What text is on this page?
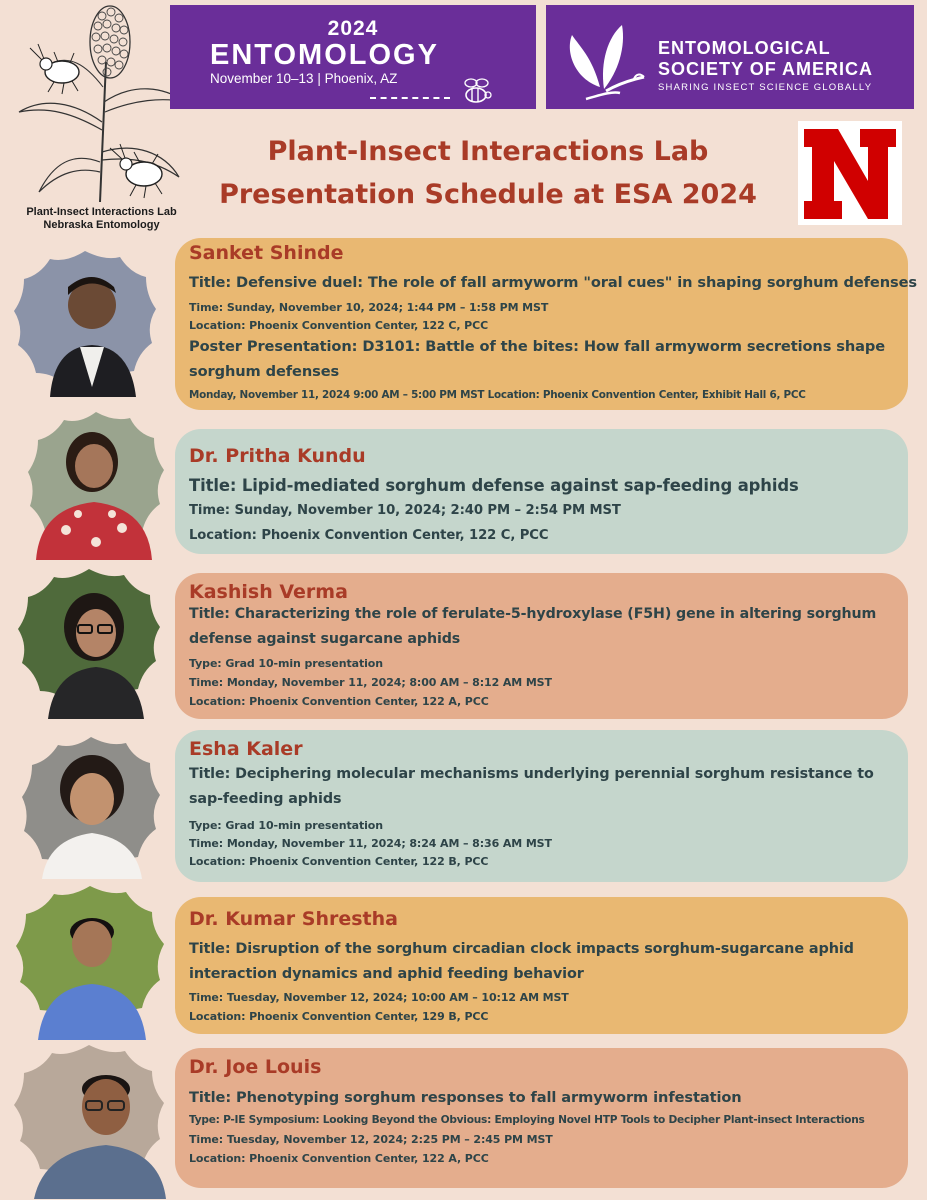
Plant-Insect Interactions Lab
Nebraska Entomology
2024
ENTOMOLOGY
November 10–13 | Phoenix, AZ
ENTOMOLOGICAL
SOCIETY OF AMERICA
SHARING INSECT SCIENCE GLOBALLY
Plant-Insect Interactions Lab
Presentation Schedule at ESA 2024
Sanket Shinde
Title: Defensive duel: The role of fall armyworm "oral cues" in shaping sorghum defenses
Time: Sunday, November 10, 2024; 1:44 PM – 1:58 PM MST
Location: Phoenix Convention Center, 122 C, PCC
Poster Presentation: D3101: Battle of the bites: How fall armyworm secretions shape sorghum defenses
Monday, November 11, 2024 9:00 AM – 5:00 PM MST Location: Phoenix Convention Center, Exhibit Hall 6, PCC
Dr. Pritha Kundu
Title: Lipid-mediated sorghum defense against sap-feeding aphids
Time: Sunday, November 10, 2024; 2:40 PM – 2:54 PM MST
Location: Phoenix Convention Center, 122 C, PCC
Kashish Verma
Title: Characterizing the role of ferulate-5-hydroxylase (F5H) gene in altering sorghum defense against sugarcane aphids
Type: Grad 10-min presentation
Time: Monday, November 11, 2024; 8:00 AM – 8:12 AM MST
Location: Phoenix Convention Center, 122 A, PCC
Esha Kaler
Title: Deciphering molecular mechanisms underlying perennial sorghum resistance to sap-feeding aphids
Type: Grad 10-min presentation
Time: Monday, November 11, 2024; 8:24 AM – 8:36 AM MST
Location: Phoenix Convention Center, 122 B, PCC
Dr. Kumar Shrestha
Title: Disruption of the sorghum circadian clock impacts sorghum-sugarcane aphid interaction dynamics and aphid feeding behavior
Time: Tuesday, November 12, 2024; 10:00 AM – 10:12 AM MST
Location: Phoenix Convention Center, 129 B, PCC
Dr. Joe Louis
Title: Phenotyping sorghum responses to fall armyworm infestation
Type: P-IE Symposium: Looking Beyond the Obvious: Employing Novel HTP Tools to Decipher Plant-insect Interactions
Time: Tuesday, November 12, 2024; 2:25 PM – 2:45 PM MST
Location: Phoenix Convention Center, 122 A, PCC
